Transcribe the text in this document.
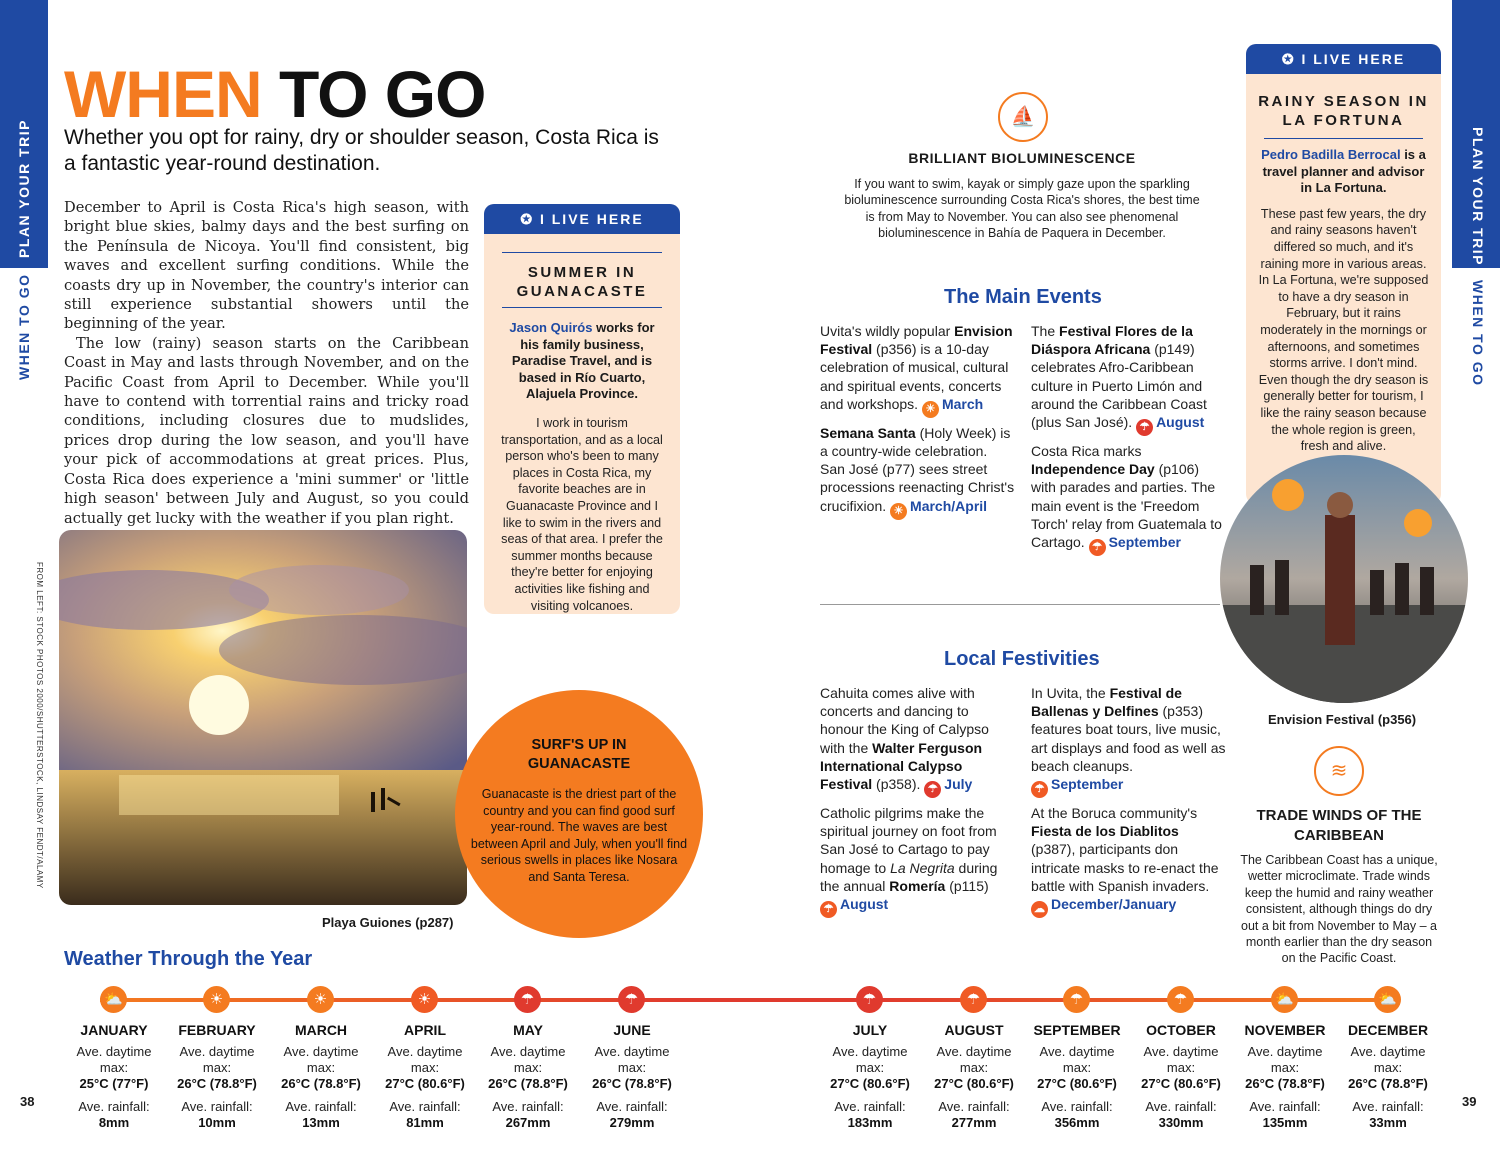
PLAN YOUR TRIP
WHEN TO GO
PLAN YOUR TRIP
WHEN TO GO
WHEN TO GO
Whether you opt for rainy, dry or shoulder season, Costa Rica is a fantastic year-round destination.

December to April is Costa Rica's high season, with bright blue skies, balmy days and the best surfing on the Península de Nicoya. You'll find consistent, big waves and excellent surfing conditions. While the coasts dry up in November, the country's interior can still experience substantial showers until the beginning of the year.

The low (rainy) season starts on the Caribbean Coast in May and lasts through November, and on the Pacific Coast from April to December. While you'll have to contend with torrential rains and tricky road conditions, including closures due to mudslides, prices drop during the low season, and you'll have your pick of accommodations at great prices. Plus, Costa Rica does experience a 'mini summer' or 'little high season' between July and August, so you could actually get lucky with the weather if you plan right.

FROM LEFT: STOCK PHOTOS 2000/SHUTTERSTOCK, LINDSAY FENDT/ALAMY
Playa Guiones (p287)
✪ I LIVE HERE
SUMMER IN GUANACASTE
Jason Quirós works for his family business, Paradise Travel, and is based in Río Cuarto, Alajuela Province.
I work in tourism transportation, and as a local person who's been to many places in Costa Rica, my favorite beaches are in Guanacaste Province and I like to swim in the rivers and seas of that area. I prefer the summer months because they're better for enjoying activities like fishing and visiting volcanoes.
SURF'S UP IN GUANACASTE
Guanacaste is the driest part of the country and you can find good surf year-round. The waves are best between April and July, when you'll find serious swells in places like Nosara and Santa Teresa.
⛵
BRILLIANT BIOLUMINESCENCE
If you want to swim, kayak or simply gaze upon the sparkling bioluminescence surrounding Costa Rica's shores, the best time is from May to November. You can also see phenomenal bioluminescence in Bahía de Paquera in December.
The Main Events

Uvita's wildly popular Envision Festival (p356) is a 10-day celebration of musical, cultural and spiritual events, concerts and workshops. ☀ March

Semana Santa (Holy Week) is a country-wide celebration. San José (p77) sees street processions reenacting Christ's crucifixion. ☀ March/April

The Festival Flores de la Diáspora Africana (p149) celebrates Afro-Caribbean culture in Puerto Limón and around the Caribbean Coast (plus San José). ☂ August

Costa Rica marks Independence Day (p106) with parades and parties. The main event is the 'Freedom Torch' relay from Guatemala to Cartago. ☂ September

Local Festivities

Cahuita comes alive with concerts and dancing to honour the King of Calypso with the Walter Ferguson International Calypso Festival (p358). ☂ July

Catholic pilgrims make the spiritual journey on foot from San José to Cartago to pay homage to La Negrita during the annual Romería (p115) ☂ August

In Uvita, the Festival de Ballenas y Delfines (p353) features boat tours, live music, art displays and food as well as beach cleanups. ☂ September

At the Boruca community's Fiesta de los Diablitos (p387), participants don intricate masks to re-enact the battle with Spanish invaders. ☁ December/January

✪ I LIVE HERE
RAINY SEASON IN LA FORTUNA
Pedro Badilla Berrocal is a travel planner and advisor in La Fortuna.
These past few years, the dry and rainy seasons haven't differed so much, and it's raining more in various areas. In La Fortuna, we're supposed to have a dry season in February, but it rains moderately in the mornings or afternoons, and sometimes storms arrive. I don't mind. Even though the dry season is generally better for tourism, I like the rainy season because the whole region is green, fresh and alive.
Envision Festival (p356)
≋
TRADE WINDS OF THE CARIBBEAN
The Caribbean Coast has a unique, wetter microclimate. Trade winds keep the humid and rainy weather consistent, although things do dry out a bit from November to May – a month earlier than the dry season on the Pacific Coast.
Weather Through the Year
⛅
JANUARY
Ave. daytime max:
25°C (77°F)
Ave. rainfall:
8mm
☀
FEBRUARY
Ave. daytime max:
26°C (78.8°F)
Ave. rainfall:
10mm
☀
MARCH
Ave. daytime max:
26°C (78.8°F)
Ave. rainfall:
13mm
☀
APRIL
Ave. daytime max:
27°C (80.6°F)
Ave. rainfall:
81mm
☂
MAY
Ave. daytime max:
26°C (78.8°F)
Ave. rainfall:
267mm
☂
JUNE
Ave. daytime max:
26°C (78.8°F)
Ave. rainfall:
279mm
☂
JULY
Ave. daytime max:
27°C (80.6°F)
Ave. rainfall:
183mm
☂
AUGUST
Ave. daytime max:
27°C (80.6°F)
Ave. rainfall:
277mm
☂
SEPTEMBER
Ave. daytime max:
27°C (80.6°F)
Ave. rainfall:
356mm
☂
OCTOBER
Ave. daytime max:
27°C (80.6°F)
Ave. rainfall:
330mm
⛅
NOVEMBER
Ave. daytime max:
26°C (78.8°F)
Ave. rainfall:
135mm
⛅
DECEMBER
Ave. daytime max:
26°C (78.8°F)
Ave. rainfall:
33mm
38	39
